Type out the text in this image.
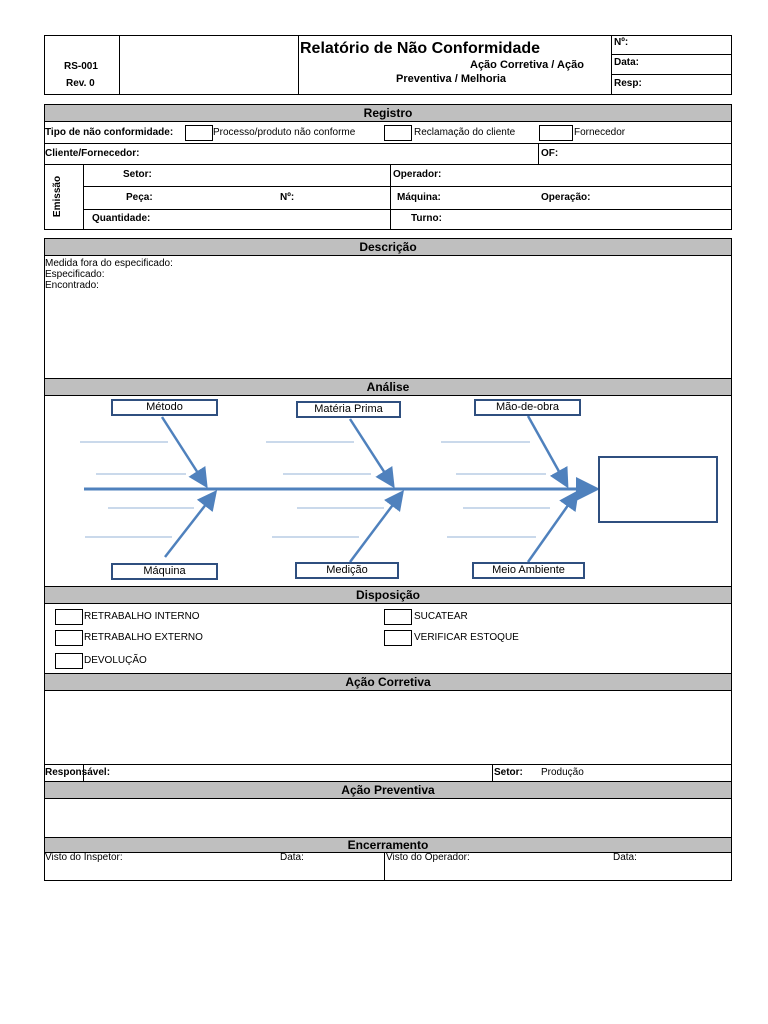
RS-001
Rev. 0
Relatório de Não Conformidade
Ação Corretiva / Ação
Preventiva / Melhoria
Nº:
Data:
Resp:
Registro
Tipo de não conformidade:	Processo/produto não conforme	Reclamação do cliente	Fornecedor
Cliente/Fornecedor:	OF:
Emissão
Setor:	Operador:
Peça:	Nº:	Máquina:	Operação:
Quantidade:	Turno:
Descrição
Medida fora do especificado:
Especificado:
Encontrado:
Análise
Método	Matéria Prima	Mão-de-obra
Máquina	Medição	Meio Ambiente
Disposição
RETRABALHO INTERNO
RETRABALHO EXTERNO
DEVOLUÇÃO
SUCATEAR
VERIFICAR ESTOQUE
Ação Corretiva
Responsável:	Setor: Produção
Ação Preventiva
Encerramento
Visto do Inspetor:	Data:	Visto do Operador:	Data:
